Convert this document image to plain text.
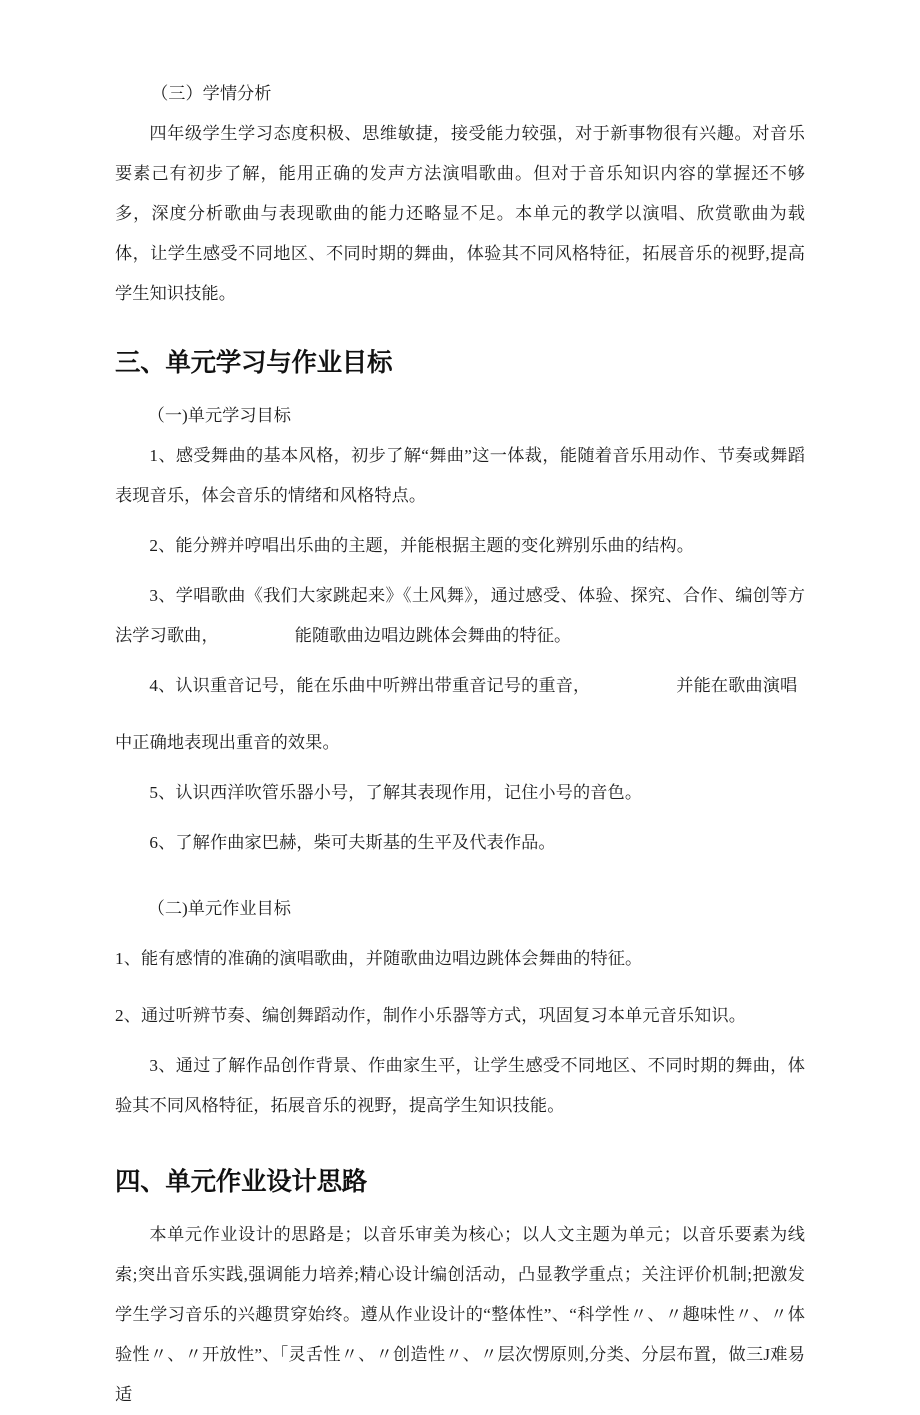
（三）学情分析

四年级学生学习态度积极、思维敏捷，接受能力较强，对于新事物很有兴趣。对音乐要素己有初步了解，能用正确的发声方法演唱歌曲。但对于音乐知识内容的掌握还不够多，深度分析歌曲与表现歌曲的能力还略显不足。本单元的教学以演唱、欣赏歌曲为载体，让学生感受不同地区、不同时期的舞曲，体验其不同风格特征，拓展音乐的视野,提高学生知识技能。

三、单元学习与作业目标

（一)单元学习目标

1、感受舞曲的基本风格，初步了解“舞曲”这一体裁，能随着音乐用动作、节奏或舞蹈表现音乐，体会音乐的情绪和风格特点。

2、能分辨并哼唱出乐曲的主题，并能根据主题的变化辨别乐曲的结构。

3、学唱歌曲《我们大家跳起来》《土风舞》，通过感受、体验、探究、合作、编创等方法学习歌曲，	能随歌曲边唱边跳体会舞曲的特征。

4、认识重音记号，能在乐曲中听辨出带重音记号的重音，	并能在歌曲演唱

中正确地表现出重音的效果。

5、认识西洋吹管乐器小号，了解其表现作用，记住小号的音色。

6、了解作曲家巴赫，柴可夫斯基的生平及代表作品。

（二)单元作业目标

1、能有感情的准确的演唱歌曲，并随歌曲边唱边跳体会舞曲的特征。

2、通过听辨节奏、编创舞蹈动作，制作小乐器等方式，巩固复习本单元音乐知识。

3、通过了解作品创作背景、作曲家生平，让学生感受不同地区、不同时期的舞曲，体验其不同风格特征，拓展音乐的视野，提高学生知识技能。

四、单元作业设计思路

本单元作业设计的思路是；以音乐审美为核心；以人文主题为单元；以音乐要素为线索;突出音乐实践,强调能力培养;精心设计编创活动，凸显教学重点；关注评价机制;把激发学生学习音乐的兴趣贯穿始终。遵从作业设计的“整体性”、“科学性〃、〃趣味性〃、〃体验性〃、〃开放性”、「灵舌性〃、〃创造性〃、〃层次愣原则,分类、分层布置，做三J难易适
